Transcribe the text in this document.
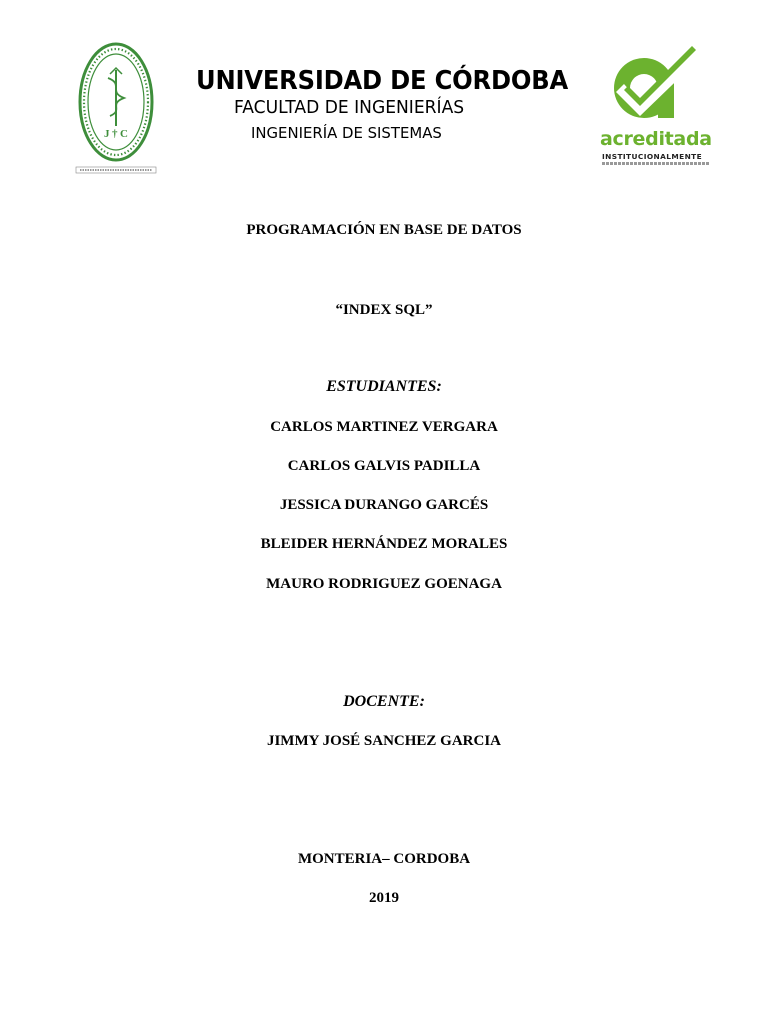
J † C
UNIVERSIDAD DE CÓRDOBA
FACULTAD DE INGENIERÍAS
INGENIERÍA DE SISTEMAS	acreditada
INSTITUCIONALMENTE
PROGRAMACIÓN EN BASE DE DATOS
“INDEX SQL”
ESTUDIANTES:
CARLOS MARTINEZ VERGARA
CARLOS GALVIS PADILLA
JESSICA DURANGO GARCÉS
BLEIDER HERNÁNDEZ MORALES
MAURO RODRIGUEZ GOENAGA
DOCENTE:
JIMMY JOSÉ SANCHEZ GARCIA
MONTERIA– CORDOBA
2019
